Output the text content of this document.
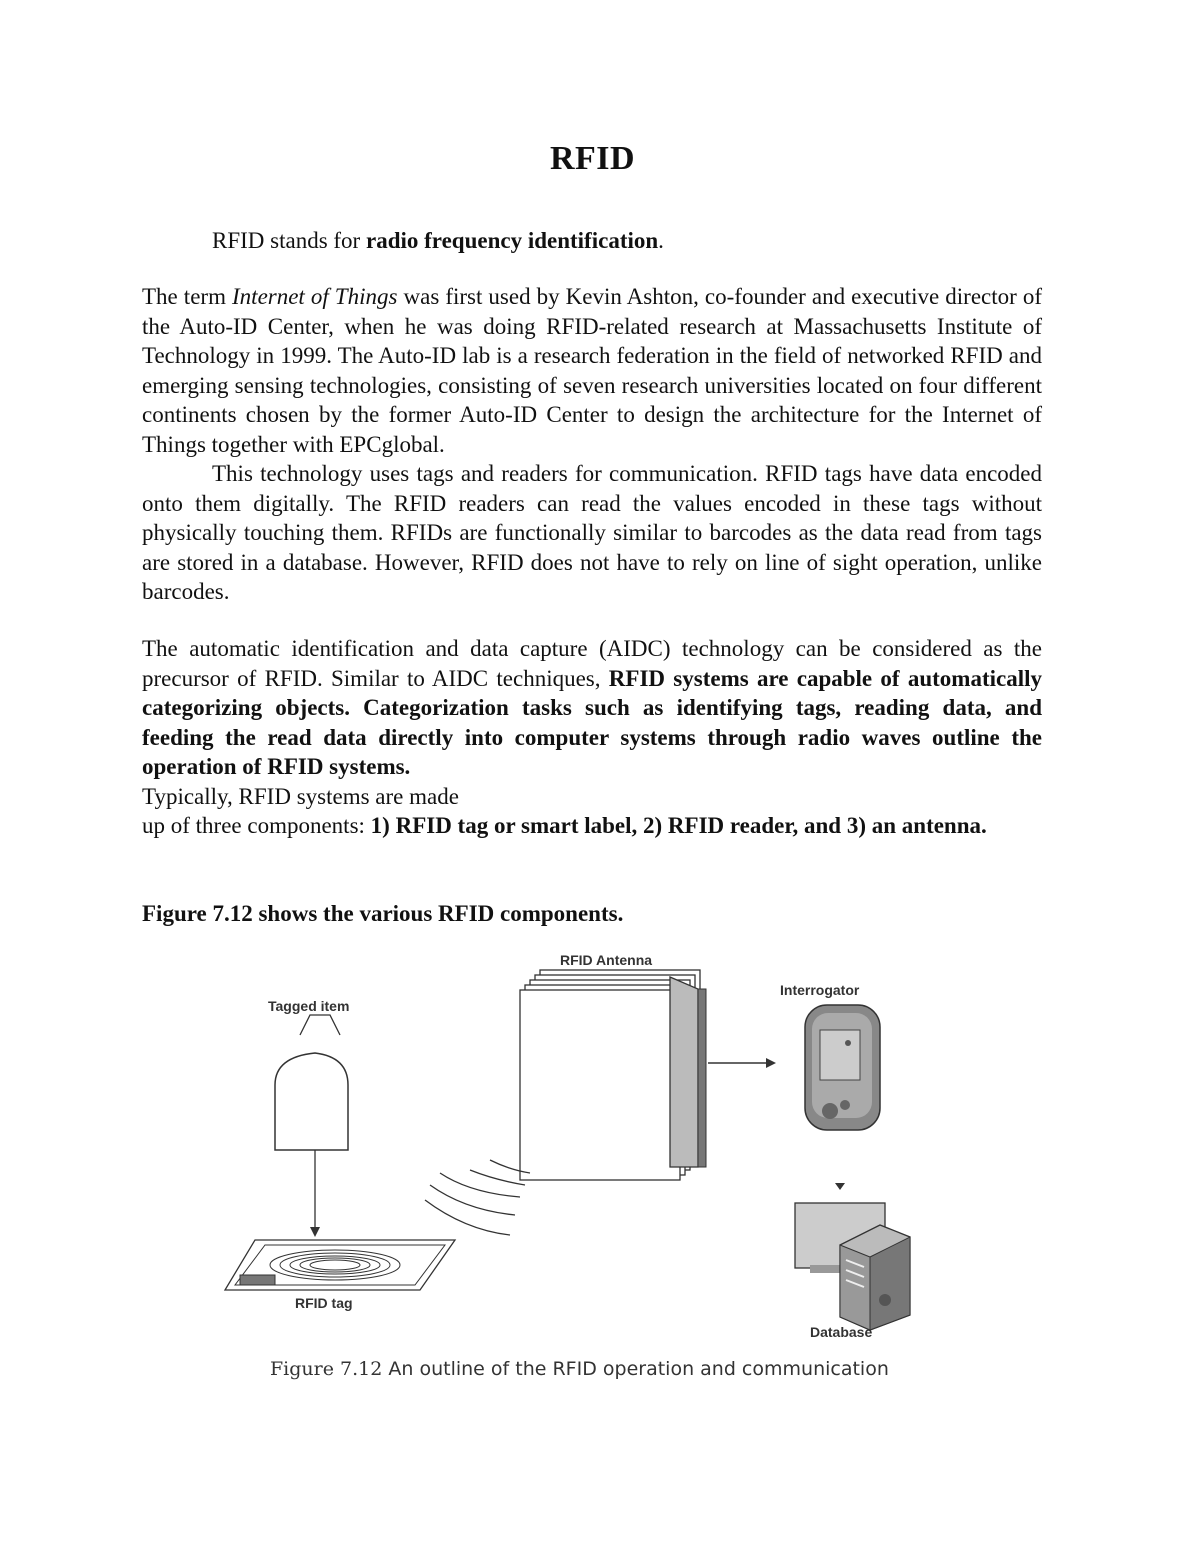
RFID

RFID stands for radio frequency identification.

The term Internet of Things was first used by Kevin Ashton, co-founder and executive director of the Auto-ID Center, when he was doing RFID-related research at Massachusetts Institute of Technology in 1999. The Auto-ID lab is a research federation in the field of networked RFID and emerging sensing technologies, consisting of seven research universities located on four different continents chosen by the former Auto-ID Center to design the architecture for the Internet of Things together with EPCglobal.

This technology uses tags and readers for communication. RFID tags have data encoded onto them digitally. The RFID readers can read the values encoded in these tags without physically touching them. RFIDs are functionally similar to barcodes as the data read from tags are stored in a database. However, RFID does not have to rely on line of sight operation, unlike barcodes.

The automatic identification and data capture (AIDC) technology can be considered as the precursor of RFID. Similar to AIDC techniques, RFID systems are capable of automatically categorizing objects. Categorization tasks such as identifying tags, reading data, and feeding the read data directly into computer systems through radio waves outline the operation of RFID systems.

Typically, RFID systems are made

up of three components: 1) RFID tag or smart label, 2) RFID reader, and 3) an antenna.

Figure 7.12 shows the various RFID components.

RFID Antenna
Interrogator
Database
Tagged item
RFID tag
Figure 7.12 An outline of the RFID operation and communication
